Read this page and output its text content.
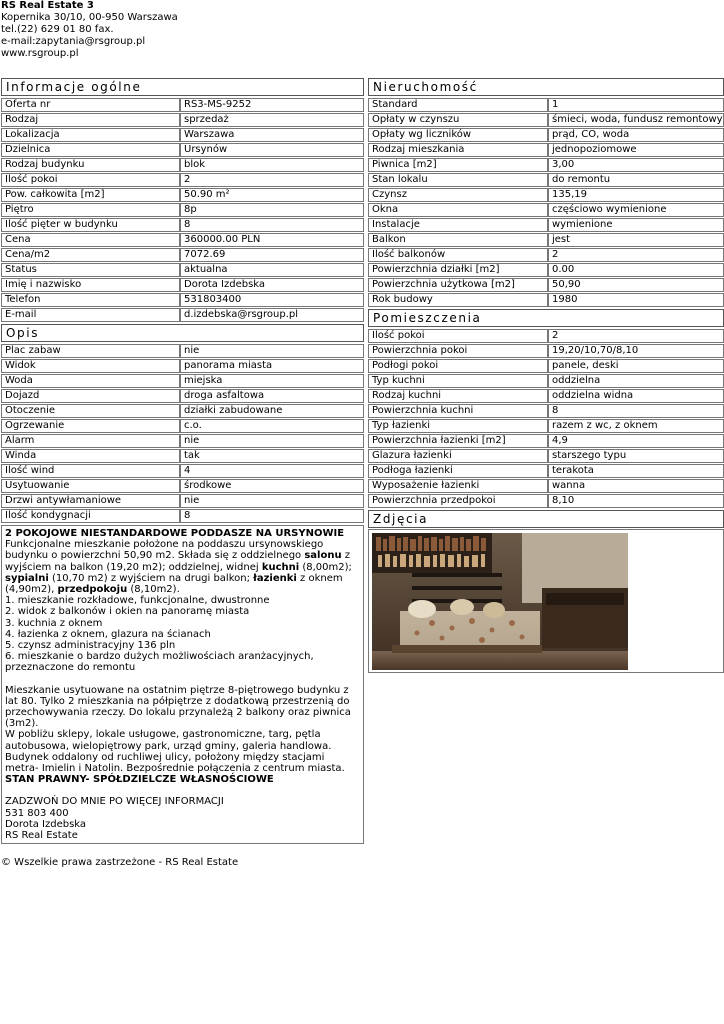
RS Real Estate 3
Kopernika 30/10, 00-950 Warszawa
tel.(22) 629 01 80 fax.
e-mail:zapytania@rsgroup.pl
www.rsgroup.pl
Informacje ogólne
Oferta nr	RS3-MS-9252
Rodzaj	sprzedaż
Lokalizacja	Warszawa
Dzielnica	Ursynów
Rodzaj budynku	blok
Ilość pokoi	2
Pow. całkowita [m2]	50.90 m²
Piętro	8p
Ilość pięter w budynku	8
Cena	360000.00 PLN
Cena/m2	7072.69
Status	aktualna
Imię i nazwisko	Dorota Izdebska
Telefon	531803400
E-mail	d.izdebska@rsgroup.pl
Opis
Plac zabaw	nie
Widok	panorama miasta
Woda	miejska
Dojazd	droga asfaltowa
Otoczenie	działki zabudowane
Ogrzewanie	c.o.
Alarm	nie
Winda	tak
Ilość wind	4
Usytuowanie	środkowe
Drzwi antywłamaniowe	nie
Ilość kondygnacji	8
2 POKOJOWE NIESTANDARDOWE PODDASZE NA URSYNOWIE
Funkcjonalne mieszkanie położone na poddaszu ursynowskiego budynku o powierzchni 50,90 m2. Składa się z oddzielnego salonu z wyjściem na balkon (19,20 m2); oddzielnej, widnej kuchni (8,00m2); sypialni (10,70 m2) z wyjściem na drugi balkon; łazienki z oknem (4,90m2), przedpokoju (8,10m2).
1. mieszkanie rozkładowe, funkcjonalne, dwustronne
2. widok z balkonów i okien na panoramę miasta
3. kuchnia z oknem
4. łazienka z oknem, glazura na ścianach
5. czynsz administracyjny 136 pln
6. mieszkanie o bardzo dużych możliwościach aranżacyjnych, przeznaczone do remontu
Mieszkanie usytuowane na ostatnim piętrze 8-piętrowego budynku z lat 80. Tylko 2 mieszkania na półpiętrze z dodatkową przestrzenią do przechowywania rzeczy. Do lokalu przynależą 2 balkony oraz piwnica (3m2).
W pobliżu sklepy, lokale usługowe, gastronomiczne, targ, pętla autobusowa, wielopiętrowy park, urząd gminy, galeria handlowa. Budynek oddalony od ruchliwej ulicy, położony między stacjami metra- Imielin i Natolin. Bezpośrednie połączenia z centrum miasta.
STAN PRAWNY- SPÓŁDZIELCZE WŁASNOŚCIOWE
ZADZWOŃ DO MNIE PO WIĘCEJ INFORMACJI
531 803 400
Dorota Izdebska
RS Real Estate
Nieruchomość
Standard	1
Opłaty w czynszu	śmieci, woda, fundusz remontowy
Opłaty wg liczników	prąd, CO, woda
Rodzaj mieszkania	jednopoziomowe
Piwnica [m2]	3,00
Stan lokalu	do remontu
Czynsz	135,19
Okna	częściowo wymienione
Instalacje	wymienione
Balkon	jest
Ilość balkonów	2
Powierzchnia działki [m2]	0.00
Powierzchnia użytkowa [m2]	50,90
Rok budowy	1980
Pomieszczenia
Ilość pokoi	2
Powierzchnia pokoi	19,20/10,70/8,10
Podłogi pokoi	panele, deski
Typ kuchni	oddzielna
Rodzaj kuchni	oddzielna widna
Powierzchnia kuchni	8
Typ łazienki	razem z wc, z oknem
Powierzchnia łazienki [m2]	4,9
Glazura łazienki	starszego typu
Podłoga łazienki	terakota
Wyposażenie łazienki	wanna
Powierzchnia przedpokoi	8,10
Zdjęcia
© Wszelkie prawa zastrzeżone - RS Real Estate
